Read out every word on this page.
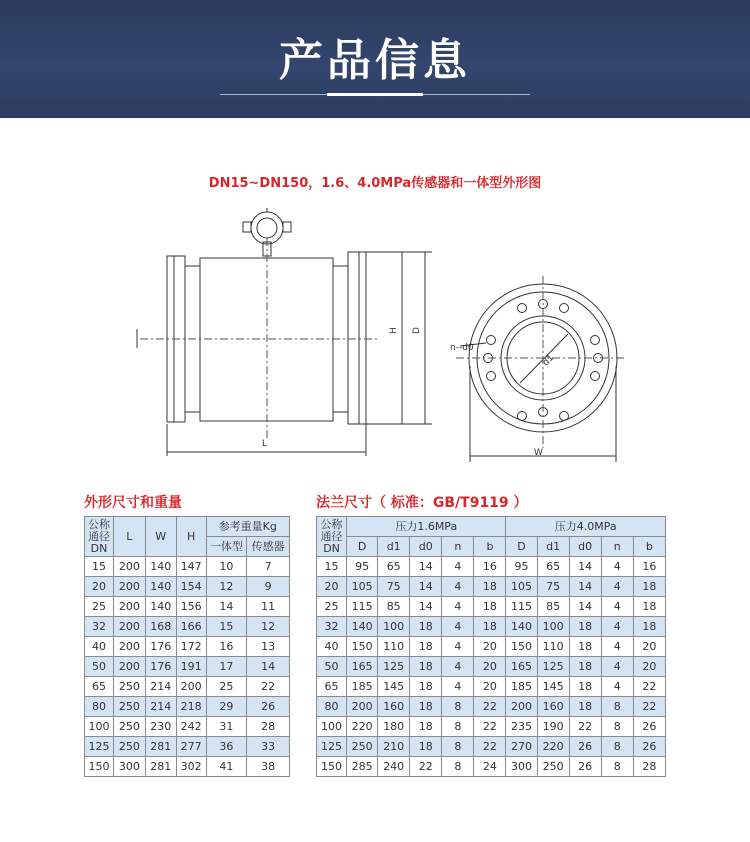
产品信息
DN15~DN150，1.6、4.0MPa传感器和一体型外形图
H D
L
W
d1
n--d0
外形尺寸和重量	法兰尺寸（ 标准：GB/T9119 ）
公称
通径
DN	L	W	H	参考重量Kg	
				一体型	传感器
15	200	140	147	10	7
20	200	140	154	12	9
25	200	140	156	14	11
32	200	168	166	15	12
40	200	176	172	16	13
50	200	176	191	17	14
65	250	214	200	25	22
80	250	214	218	29	26
100	250	230	242	31	28
125	250	281	277	36	33
150	300	281	302	41	38
公称
通径
DN	压力1.6MPa					压力4.0MPa				
	D	d1	d0	n	b	D	d1	d0	n	b
15	95	65	14	4	16	95	65	14	4	16
20	105	75	14	4	18	105	75	14	4	18
25	115	85	14	4	18	115	85	14	4	18
32	140	100	18	4	18	140	100	18	4	18
40	150	110	18	4	20	150	110	18	4	20
50	165	125	18	4	20	165	125	18	4	20
65	185	145	18	4	20	185	145	18	4	22
80	200	160	18	8	22	200	160	18	8	22
100	220	180	18	8	22	235	190	22	8	26
125	250	210	18	8	22	270	220	26	8	26
150	285	240	22	8	24	300	250	26	8	28
